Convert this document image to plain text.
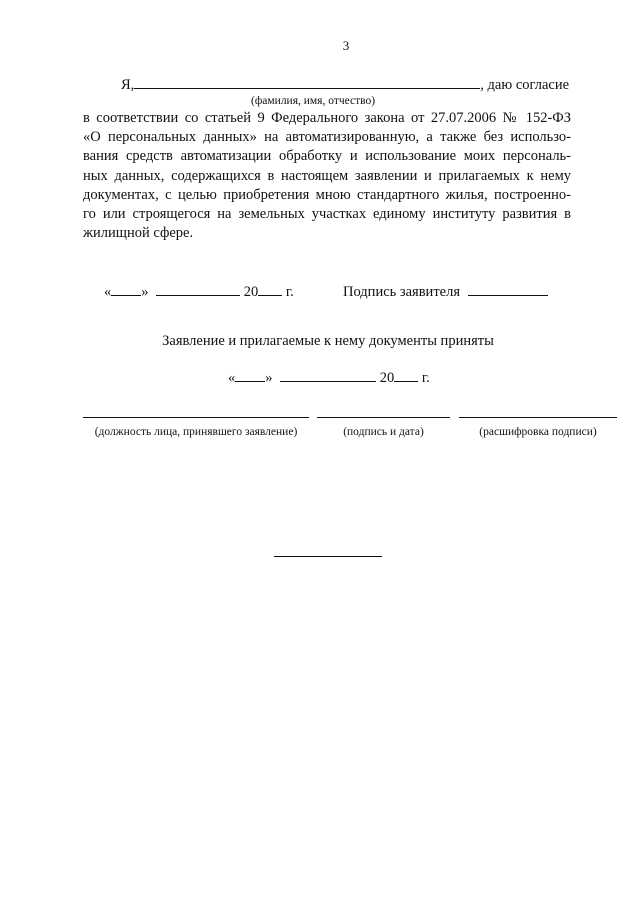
3
Я,	, даю согласие
(фамилия, имя, отчество)
в соответствии со статьей 9 Федерального закона от 27.07.2006 № 152-ФЗ
«О персональных данных» на автоматизированную, а также без использо-
вания средств автоматизации обработку и использование моих персональ-
ных данных, содержащихся в настоящем заявлении и прилагаемых к нему
документах, с целью приобретения мною стандартного жилья, построенно-
го или строящегося на земельных участках единому институту развития в
жилищной сфере.
« »	20 г.	Подпись заявителя
Заявление и прилагаемые к нему документы приняты
« »	20 г.
(должность лица, принявшего заявление)	(подпись и дата)	(расшифровка подписи)
